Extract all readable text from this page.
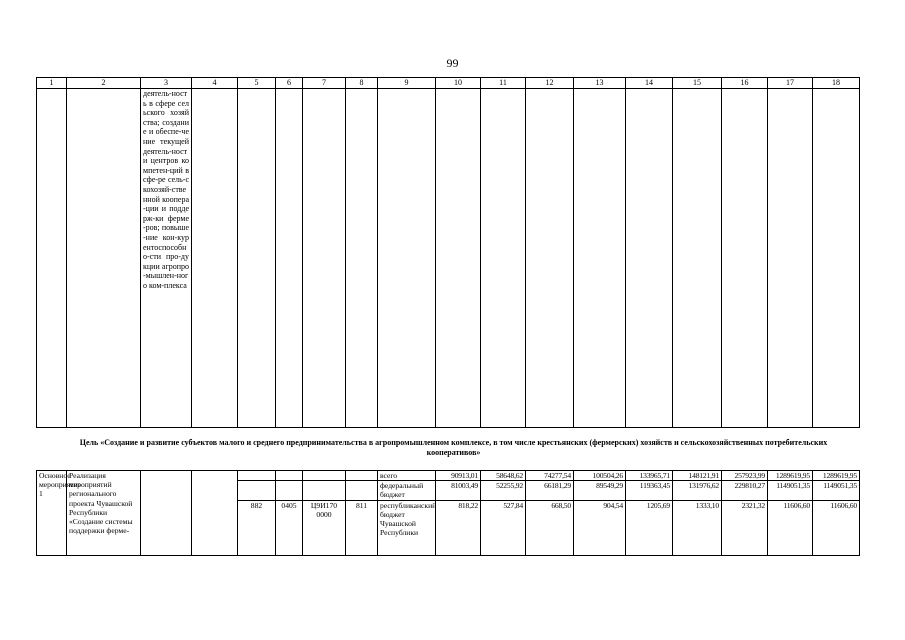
99
1	2	3	4	5	6	7	8	9	10	11	12	13	14	15	16	17	18
		деятель-ность в сфере сельского хозяйства; создание и обеспе-чение текущей деятель-ности центров компетен-ций в сфе-ре сель-скохозяй-ственной коопера-ции и поддерж-ки ферме-ров; повыше-ние кон-курентоспособно-сти про-дукции агропро-мышлен-ного ком-плекса															
Цель «Создание и развитие субъектов малого и среднего предпринимательства в агропромышленном комплексе, в том числе крестьянских (фермерских) хозяйств и сельскохозяйственных потребительских кооперативов»
Основное мероприятие 1	Реализация мероприятий регионального проекта Чувашской Республики «Создание системы поддержки ферме-							всего	90913,01	58648,62	74277,54	100504,26	133965,71	148121,91	257923,99	1289619,95	1289619,95
								федеральный бюджет	81003,49	52255,92	66181,29	89549,29	119363,45	131976,62	229810,27	1149051,35	1149051,35
				882	0405	Ц9И170 0000	811	республиканский бюджет Чувашской Республики	818,22	527,84	668,50	904,54	1205,69	1333,10	2321,32	11606,60	11606,60
